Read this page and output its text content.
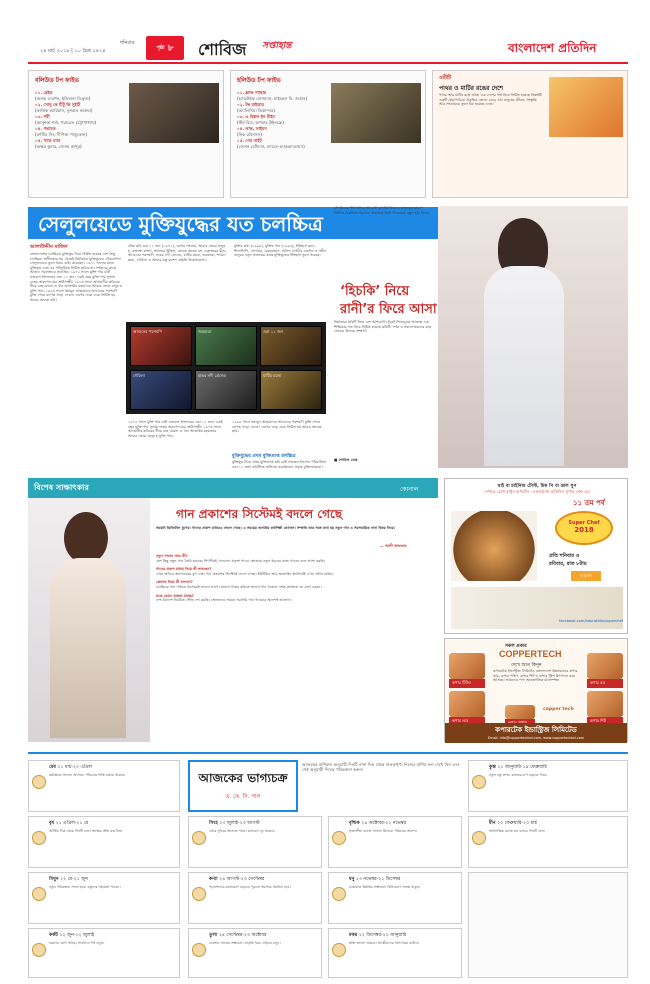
২৪ মার্চ ২০১৮ | ১০ চৈত্র ১৪২৪
শনিবার
পৃষ্ঠা ৮	শোবিজ সপ্তাহান্ত	বাংলাদেশ প্রতিদিন
বলিউড টপ ফাইভ
০১. রেইড
(অজয় দেবগন, ইলিয়ানা ডিক্রুজ)
০২. সোনু কে টিটু কি সুইটি
(কার্তিক আরিয়ান, নুসরাত ভারুচা)
০৩. পরী
(আনুশকা শর্মা, পরমব্রত চট্টোপাধ্যায়)
০৪. পদ্মাবত
(রণবীর সিং, দীপিকা পাড়ুকোন)
০৫. প্যাড ম্যান
(অক্ষয় কুমার, সোনম কাপুর)
হলিউড টপ ফাইভ
০১. ব্ল্যাক প্যান্থার
(চ্যাডউইক বোসম্যান, মাইকেল বি. জর্ডান)
০২. টম্ব রাইডার
(অ্যালিসিয়া ভিকান্দার)
০৩. এ রিঙ্কল ইন টাইম
(স্টর্ম রিড, অপরাহ উইনফ্রে)
০৪. লাভ, সাইমন
(নিক রবিনসন)
০৫. গেম নাইট
(জেসন বেটম্যান, র‍্যাচেল ম্যাকঅ্যাডামস)
ওটিটি
পাথর ও মাটির রঙের দেশে
পাথর আর মাটির রঙে আঁকা এক দেশের গল্প নিয়ে নির্মিত হয়েছে ভিন্নধর্মী একটি প্রামাণ্যচিত্র। প্রকৃতির কোলে বেড়ে ওঠা মানুষের জীবন, সংস্কৃতি আর সংগ্রামকে তুলে ধরা হয়েছে এতে।
সেলুলয়েডে মুক্তিযুদ্ধের যত চলচ্চিত্র
আলাউদ্দীন মাজিদ
বাংলাদেশের চলচ্চিত্রে মুক্তিযুদ্ধ নিয়ে নির্মিত হয়েছে বেশ কিছু চলচ্চিত্র। স্বাধীনতার পর থেকেই নির্মাতারা মুক্তিযুদ্ধের গৌরবগাথা সেলুলয়েডে তুলে ধরার চেষ্টা করেছেন। ১৯৭১ সালের মহান মুক্তিযুদ্ধ এবং এর পটভূমিতে নির্মিত ছবিগুলো দর্শকদের কাছে আজও সমানভাবে জনপ্রিয়। ১৯৭২ সালে মুক্তি পায় চাষী নজরুল ইসলামের ওরা ১১ জন। একই বছর মুক্তি পায় সুভাষ দত্তের অরুণোদয়ের অগ্নিসাক্ষী। ১৯৭৩ সালে আলমগীর কবিরের ধীরে বহে মেঘনা ও খান আতাউর রহমানের আবার তোরা মানুষ হ মুক্তি পায়। ১৯৯৪ সালে হুমায়ূন আহমেদের আগুনের পরশমণি মুক্তি পেয়ে ব্যাপক সাড়া ফেলে। এরপর একে একে নির্মিত হয় আরও অনেক ছবি।
প্রথম ছবি ওরা ১১ জন (১৯৭২), এরপর সংগ্রাম, আবার তোরা মানুষ হ, রক্তাক্ত বাংলা, আলোর মিছিল, মেঘের অনেক রং, একাত্তরের যীশু, আগুনের পরশমণি, হাঙর নদী গ্রেনেড, মাটির ময়না, জয়যাত্রা, শ্যামল ছায়া, গেরিলা ও আমার বন্ধু রাশেদ প্রভৃতি উল্লেখযোগ্য।
মুক্তির কথা (১৯৯৯), মুক্তির গান (১৯৯৫), ইতিহাস কন্যা, শিলালিপি, খেলাঘর, মেহেরজান, অনিল বাগচীর একদিন ও গহীন বালুচর নতুন প্রজন্মের কাছে মুক্তিযুদ্ধের ইতিহাস তুলে ধরেছে।
আগুনের পরশমণি	জয়যাত্রা	ওরা ১১ জন
গেরিলা	হাঙর নদী গ্রেনেড	মাটির ময়না
১৯৭২ সালে মুক্তি পায় চাষী নজরুল ইসলামের ওরা ১১ জন। একই বছর মুক্তি পায় সুভাষ দত্তের অরুণোদয়ের অগ্নিসাক্ষী। ১৯৭৩ সালে আলমগীর কবিরের ধীরে বহে মেঘনা ও খান আতাউর রহমানের আবার তোরা মানুষ হ মুক্তি পায়।
১৯৯৪ সালে হুমায়ূন আহমেদের আগুনের পরশমণি মুক্তি পেয়ে ব্যাপক সাড়া ফেলে। এরপর একে একে নির্মিত হয় আরও অনেক ছবি।
মুক্তিযুদ্ধের প্রথম মুক্তিপ্রাপ্ত চলচ্চিত্র
মুক্তিযুদ্ধ নিয়ে প্রথম মুক্তিপ্রাপ্ত ছবি চাষী নজরুল ইসলাম পরিচালিত ওরা ১১ জন। ছবিটিতে অভিনয় করেছিলেন প্রকৃত মুক্তিযোদ্ধারা।
বলিউডের শীর্ষ অভিনেত্রী রানী মুখার্জি বিয়ে ও মাতৃত্বের কারণে দীর্ঘদিন বিরতিতে ছিলেন। অবশেষে তিনি ফিরেছেন নতুন ছবি নিয়ে।
‘হিচকি’ নিয়ে
রানী’র ফিরে আসা
নির্মাতারা ছবিটি নিয়ে বেশ আশাবাদী। টুরেট সিনড্রোমে আক্রান্ত এক শিক্ষিকার গল্প নিয়ে নির্মিত হয়েছে ছবিটি। দর্শক ও সমালোচকদের কাছ থেকেও মিলছে প্রশংসা।
■ শোবিজ ডেস্ক
বিশেষ সাক্ষাৎকার	কোনাল
গান প্রকাশের সিস্টেমই বদলে গেছে
সময়টা ডিজিটাল যুগের। গানের প্রকাশ মাধ্যমও বদলে গেছে। এ সময়ের জনপ্রিয় কণ্ঠশিল্পী কোনাল। সম্প্রতি তার সঙ্গে কথা হয় নতুন গান ও সমসাময়িক নানা বিষয় নিয়ে।
— আলী আফতাব
নতুন গানের খবর কী?
বেশ কিছু নতুন গান তৈরি হয়েছে। শিগগিরই সেগুলো প্রকাশ পাবে। শ্রোতারা নতুন ধরনের কাজ পাবেন বলে আশা করছি।
গানের প্রকাশ মাধ্যম নিয়ে কী ভাবছেন?
এখন অডিও অ্যালবামের যুগ নেই। গান প্রকাশের সিস্টেমই বদলে গেছে। ইউটিউব আর অনলাইন প্ল্যাটফর্মই এখন প্রধান মাধ্যম।
প্লেব্যাক নিয়ে কী বলবেন?
চলচ্চিত্রে গান গাইতে সবসময়ই ভালো লাগে। ভালো গল্পের ছবিতে ভালো গান থাকলে দর্শক-শ্রোতারা তা গ্রহণ করেন।
মঞ্চে কেমন ব্যস্ততা যাচ্ছে?
দেশ-বিদেশে নিয়মিত স্টেজ শো করছি। শ্রোতাদের সামনে সরাসরি গান গাওয়ার আনন্দই আলাদা।
থাই বা চাইনিজ টোস্ট, চিক পি বা ডাল সুপ
দেখতে চোখ রাখুন রূপচাঁদা - বাংলাদেশ প্রতিদিন সুপার শেফ এর
১১ তম পর্ব
Super Chef
2018
প্রতি শনিবার ও
রবিবার, রাত ৮টায়
চ্যানেল
facebook.com/bdpratidin/superchef
সকল প্রকার
COPPERTECH
দেখে শুনে কিনুন
কপারটেক ইন্ডাস্ট্রিজ লিমিটেড বাংলাদেশে উন্নতমানের কপার তার, কপার পাইপ, কপার শিট ও কপার স্ট্রিপ উৎপাদন করে আসছে। আমাদের পণ্য আন্তর্জাতিক মানসম্পন্ন।
কপার টিউব
কপার তার
কপার রড
কপার শিট
copper tech
কপারটেক ইন্ডাস্ট্রিজ লিমিটেড
Email: info@copperteckbd.com, www.coppertechbd.com
মেষ ২১ মার্চ-২০ এপ্রিল
কর্মক্ষেত্রে সাফল্য আসবে। পরিবারে শান্তি বজায় থাকবে।
বৃষ ২১ এপ্রিল-২১ মে
আর্থিক দিক থেকে দিনটি শুভ। স্বাস্থ্যের প্রতি যত্ন নিন।
মিথুন ২২ মে-২১ জুন
নতুন পরিকল্পনা সফল হবে। বন্ধুদের সহায়তা পাবেন।
কর্কট ২২ জুন-২২ জুলাই
ভ্রমণের যোগ আছে। সাবধানে পথ চলুন।
আজকের ভাগ্যচক্র
ড. কে. সি. পাল
আজকের রাশিফল অনুযায়ী দিনটি নানা দিক থেকে গুরুত্বপূর্ণ। নিজের রাশির ফল দেখে নিন এবং সেই অনুযায়ী দিনের পরিকল্পনা করুন।
সিংহ ২৩ জুলাই-২৩ আগস্ট
প্রেমে সুখবর আসতে পারে। মনোবল দৃঢ় থাকবে।
কন্যা ২৪ আগস্ট-২৩ সেপ্টেম্বর
পড়াশোনায় মনোযোগ বাড়বে। পুরনো সমস্যার সমাধান হবে।
তুলা ২৪ সেপ্টেম্বর-২৩ অক্টোবর
ব্যবসায় লাভের সম্ভাবনা। বাড়তি খরচ এড়িয়ে চলুন।
বৃশ্চিক ২৪ অক্টোবর-২২ নভেম্বর
সৃজনশীল কাজে সাফল্য মিলবে। পরিবারে আনন্দ।
ধনু ২৩ নভেম্বর-২১ ডিসেম্বর
চাকরিতে উন্নতির সম্ভাবনা। বিনিয়োগে সতর্ক থাকুন।
মকর ২২ ডিসেম্বর-২০ জানুয়ারি
স্বাস্থ্য ভালো থাকবে। আত্মীয়দের সঙ্গে সময় কাটবে।
কুম্ভ ২১ জানুয়ারি-১৯ ফেব্রুয়ারি
নতুন বন্ধু লাভ। কাজের চাপ বাড়তে পারে।
মীন ২০ ফেব্রুয়ারি-২০ মার্চ
আধ্যাত্মিক কাজে মন বসবে। দিনটি শুভ।
